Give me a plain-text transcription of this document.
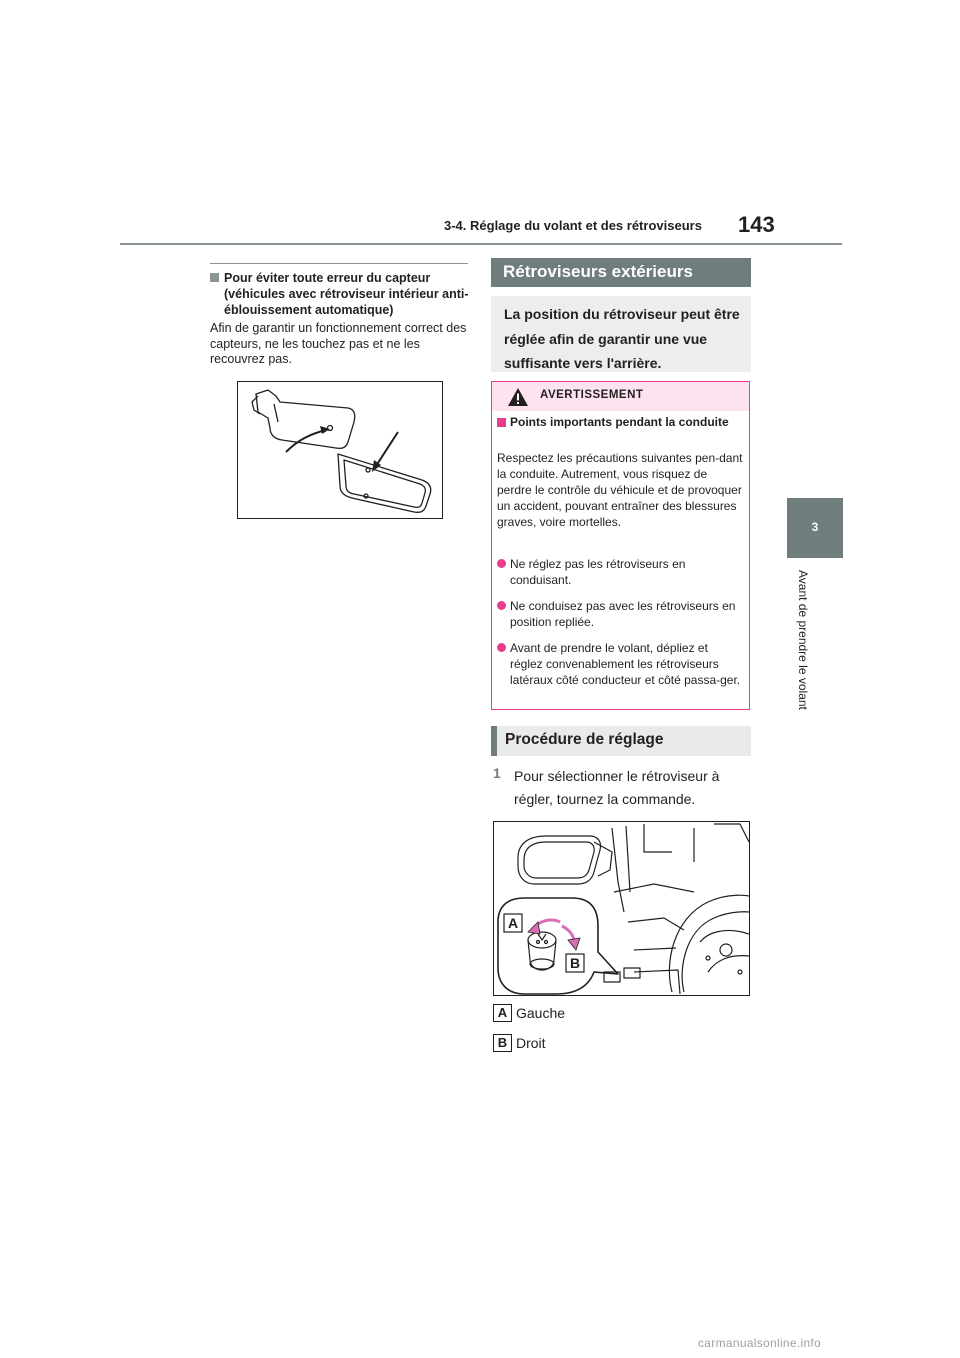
3-4. Réglage du volant et des rétroviseurs 143
3
Avant de prendre le volant
Pour éviter toute erreur du capteur (véhicules avec rétroviseur intérieur anti-éblouissement automatique)
Afin de garantir un fonctionnement correct des capteurs, ne les touchez pas et ne les recouvrez pas.
Rétroviseurs extérieurs
La position du rétroviseur peut être réglée afin de garantir une vue suffisante vers l'arrière.
AVERTISSEMENT
Points importants pendant la conduite
Respectez les précautions suivantes pen-dant la conduite. Autrement, vous risquez de perdre le contrôle du véhicule et de provoquer un accident, pouvant entraîner des blessures graves, voire mortelles.
Ne réglez pas les rétroviseurs en conduisant.
Ne conduisez pas avec les rétroviseurs en position repliée.
Avant de prendre le volant, dépliez et réglez convenablement les rétroviseurs latéraux côté conducteur et côté passa-ger.
Procédure de réglage
1 Pour sélectionner le rétroviseur à régler, tournez la commande.
A
B
A Gauche
B Droit
carmanualsonline.info
